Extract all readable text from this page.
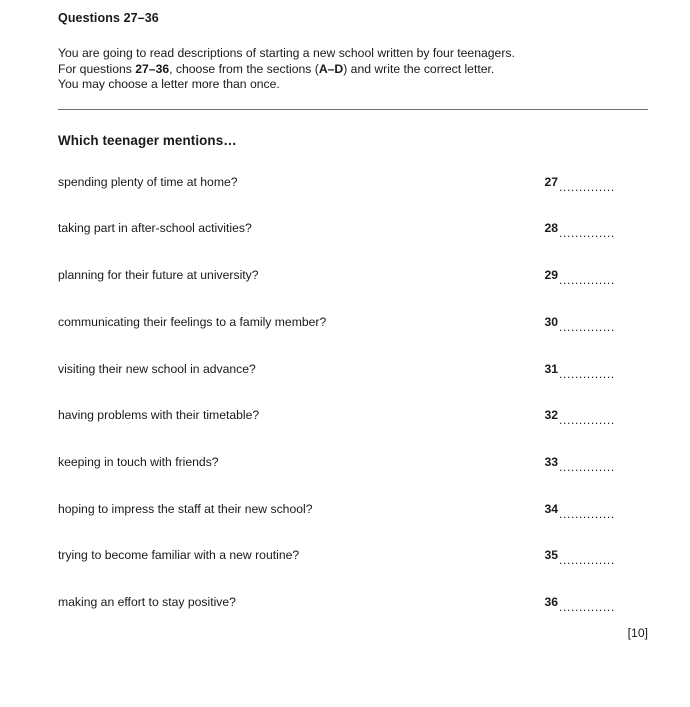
Questions 27–36
You are going to read descriptions of starting a new school written by four teenagers.
For questions 27–36, choose from the sections (A–D) and write the correct letter.
You may choose a letter more than once.
Which teenager mentions…
spending plenty of time at home?	27 ..............
taking part in after-school activities?	28 ..............
planning for their future at university?	29 ..............
communicating their feelings to a family member?	30 ..............
visiting their new school in advance?	31 ..............
having problems with their timetable?	32 ..............
keeping in touch with friends?	33 ..............
hoping to impress the staff at their new school?	34 ..............
trying to become familiar with a new routine?	35 ..............
making an effort to stay positive?	36 ..............
[10]
